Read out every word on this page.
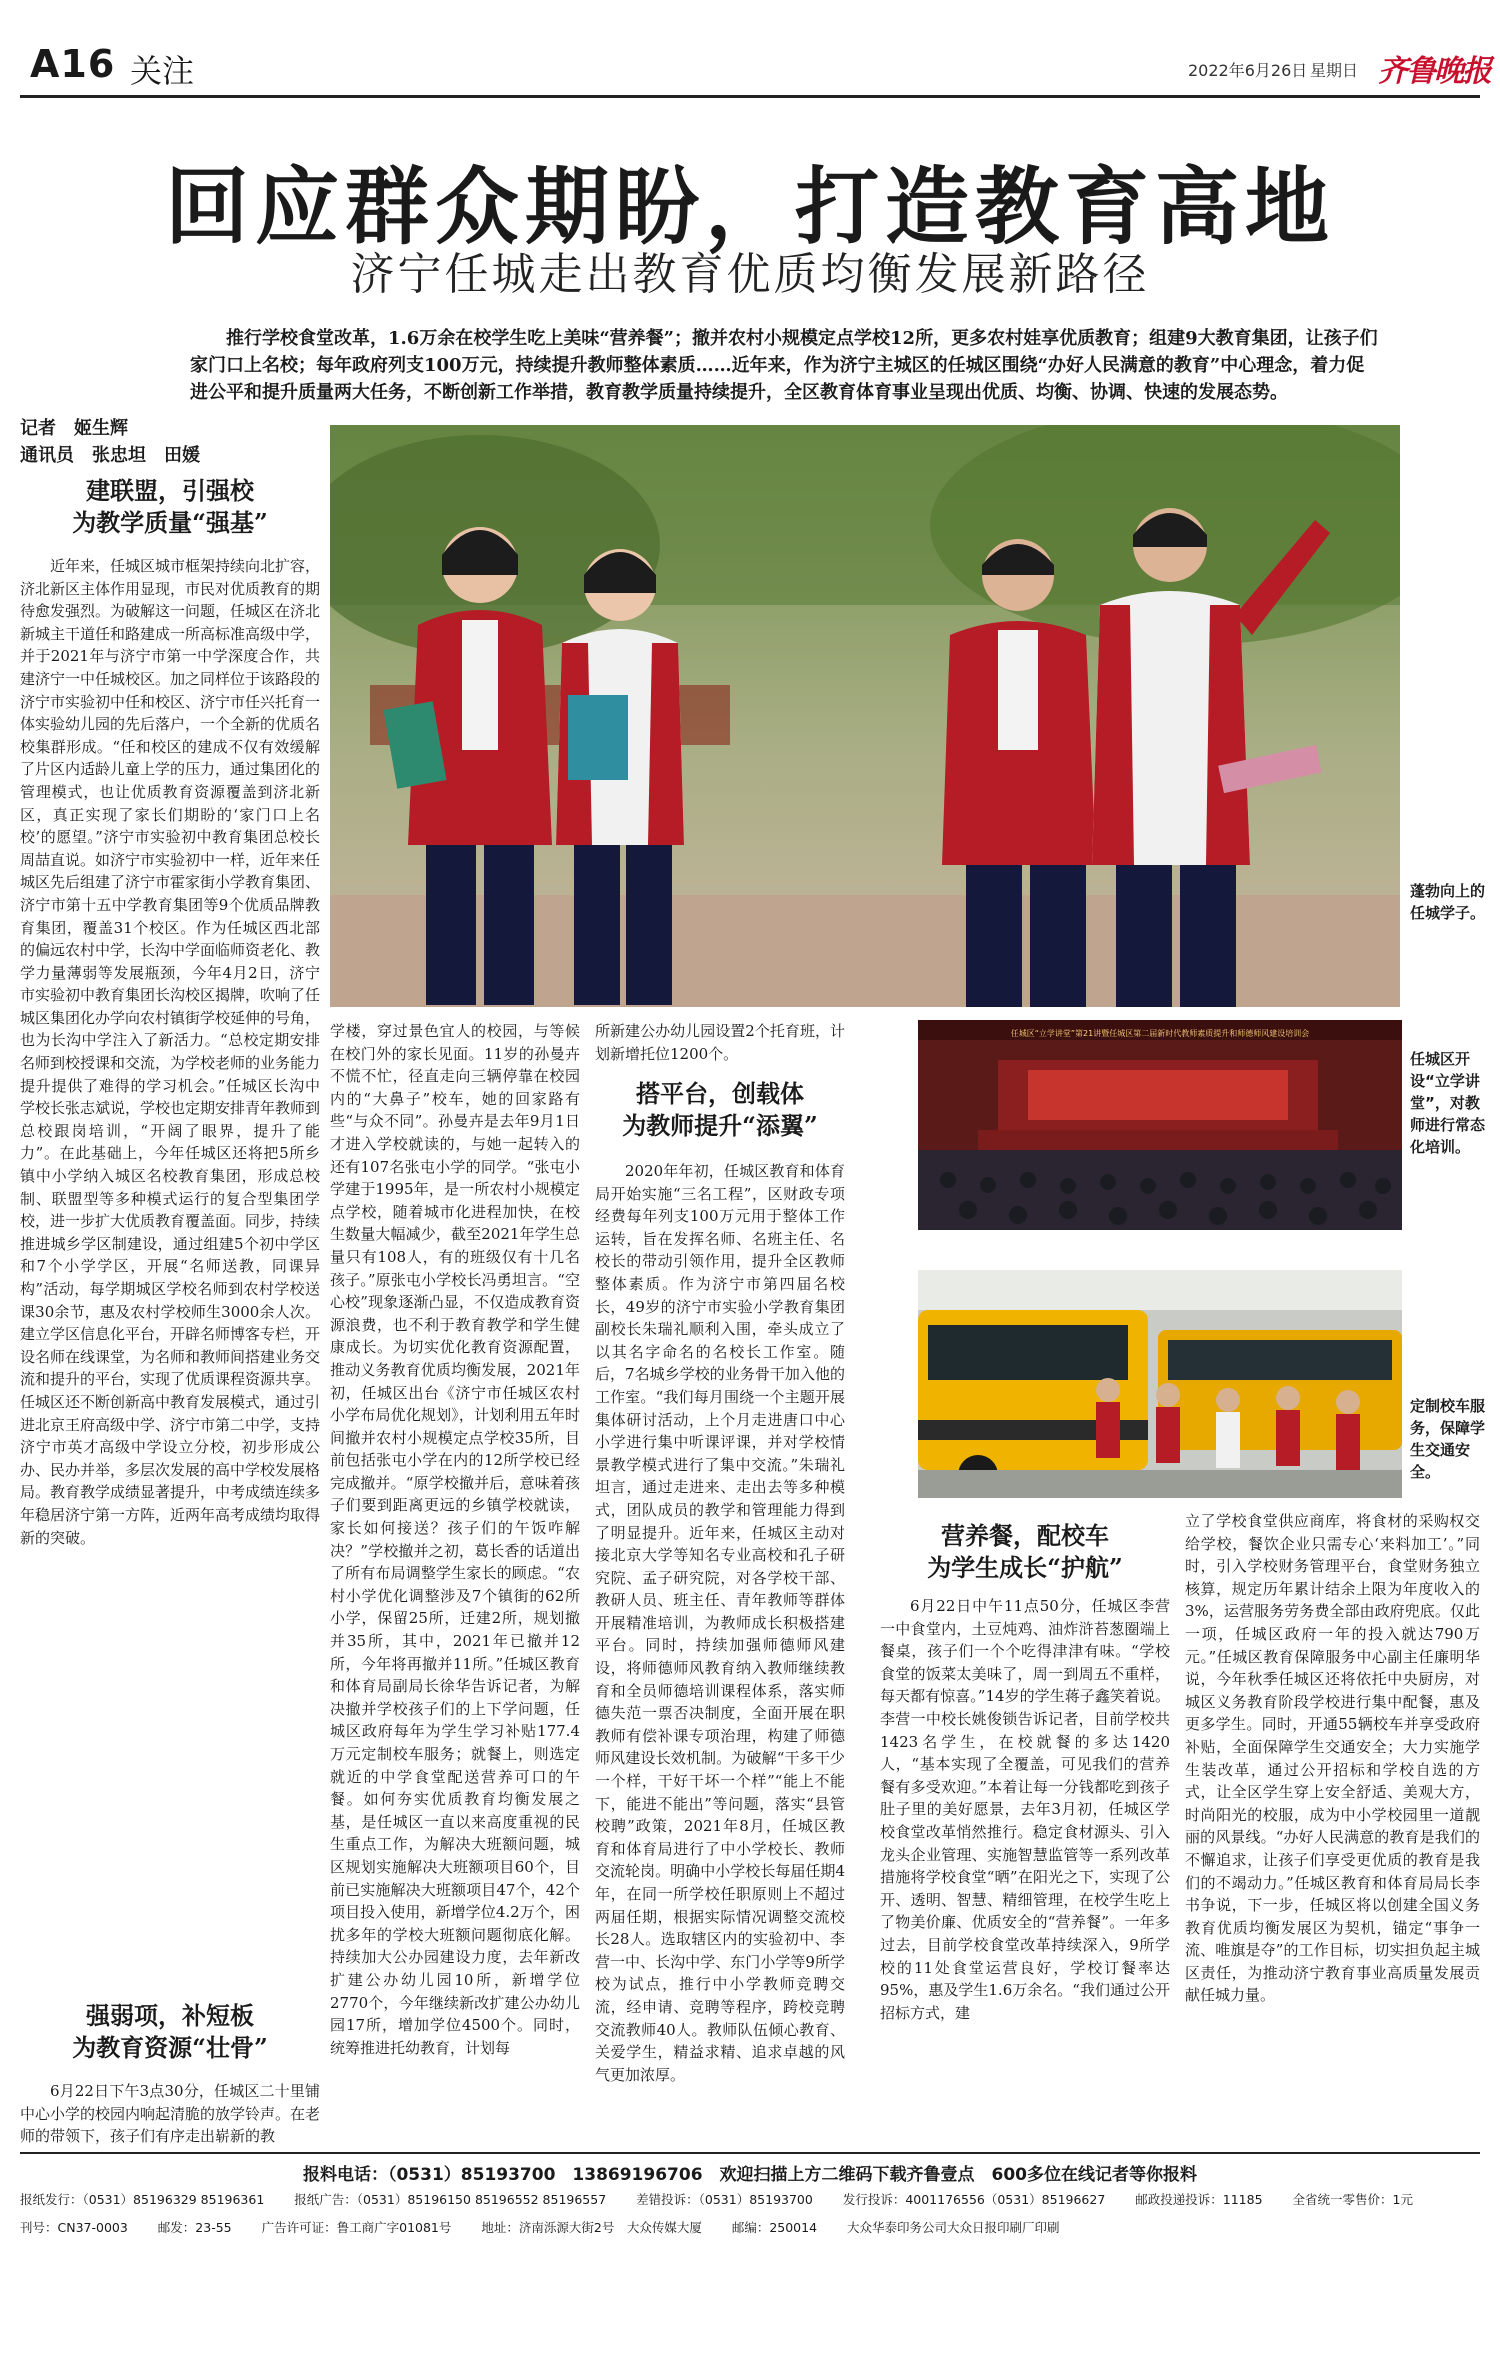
A16 关注	2022年6月26日 星期日 齐鲁晚报
回应群众期盼，打造教育高地
济宁任城走出教育优质均衡发展新路径
推行学校食堂改革，1.6万余在校学生吃上美味“营养餐”；撤并农村小规模定点学校12所，更多农村娃享优质教育；组建9大教育集团，让孩子们家门口上名校；每年政府列支100万元，持续提升教师整体素质……近年来，作为济宁主城区的任城区围绕“办好人民满意的教育”中心理念，着力促进公平和提升质量两大任务，不断创新工作举措，教育教学质量持续提升，全区教育体育事业呈现出优质、均衡、协调、快速的发展态势。
记者　姬生辉
通讯员　张忠坦　田媛
建联盟，引强校
为教学质量“强基”

近年来，任城区城市框架持续向北扩容，济北新区主体作用显现，市民对优质教育的期待愈发强烈。为破解这一问题，任城区在济北新城主干道任和路建成一所高标准高级中学，并于2021年与济宁市第一中学深度合作，共建济宁一中任城校区。加之同样位于该路段的济宁市实验初中任和校区、济宁市任兴托育一体实验幼儿园的先后落户，一个全新的优质名校集群形成。“任和校区的建成不仅有效缓解了片区内适龄儿童上学的压力，通过集团化的管理模式，也让优质教育资源覆盖到济北新区，真正实现了家长们期盼的‘家门口上名校’的愿望。”济宁市实验初中教育集团总校长周喆直说。如济宁市实验初中一样，近年来任城区先后组建了济宁市霍家街小学教育集团、济宁市第十五中学教育集团等9个优质品牌教育集团，覆盖31个校区。作为任城区西北部的偏远农村中学，长沟中学面临师资老化、教学力量薄弱等发展瓶颈，今年4月2日，济宁市实验初中教育集团长沟校区揭牌，吹响了任城区集团化办学向农村镇街学校延伸的号角，也为长沟中学注入了新活力。“总校定期安排名师到校授课和交流，为学校老师的业务能力提升提供了难得的学习机会。”任城区长沟中学校长张志斌说，学校也定期安排青年教师到总校跟岗培训，“开阔了眼界，提升了能力”。在此基础上，今年任城区还将把5所乡镇中小学纳入城区名校教育集团，形成总校制、联盟型等多种模式运行的复合型集团学校，进一步扩大优质教育覆盖面。同步，持续推进城乡学区制建设，通过组建5个初中学区和7个小学学区，开展“名师送教，同课异构”活动，每学期城区学校名师到农村学校送课30余节，惠及农村学校师生3000余人次。建立学区信息化平台，开辟名师博客专栏，开设名师在线课堂，为名师和教师间搭建业务交流和提升的平台，实现了优质课程资源共享。任城区还不断创新高中教育发展模式，通过引进北京王府高级中学、济宁市第二中学，支持济宁市英才高级中学设立分校，初步形成公办、民办并举，多层次发展的高中学校发展格局。教育教学成绩显著提升，中考成绩连续多年稳居济宁第一方阵，近两年高考成绩均取得新的突破。

强弱项，补短板
为教育资源“壮骨”

6月22日下午3点30分，任城区二十里铺中心小学的校园内响起清脆的放学铃声。在老师的带领下，孩子们有序走出崭新的教

蓬勃向上的任城学子。

学楼，穿过景色宜人的校园，与等候在校门外的家长见面。11岁的孙曼卉不慌不忙，径直走向三辆停靠在校园内的“大鼻子”校车，她的回家路有些“与众不同”。孙曼卉是去年9月1日才进入学校就读的，与她一起转入的还有107名张屯小学的同学。“张屯小学建于1995年，是一所农村小规模定点学校，随着城市化进程加快，在校生数量大幅减少，截至2021年学生总量只有108人，有的班级仅有十几名孩子。”原张屯小学校长冯勇坦言。“空心校”现象逐渐凸显，不仅造成教育资源浪费，也不利于教育教学和学生健康成长。为切实优化教育资源配置，推动义务教育优质均衡发展，2021年初，任城区出台《济宁市任城区农村小学布局优化规划》，计划利用五年时间撤并农村小规模定点学校35所，目前包括张屯小学在内的12所学校已经完成撤并。“原学校撤并后，意味着孩子们要到距离更远的乡镇学校就读，家长如何接送？孩子们的午饭咋解决？”学校撤并之初，葛长香的话道出了所有布局调整学生家长的顾虑。“农村小学优化调整涉及7个镇街的62所小学，保留25所，迁建2所，规划撤并35所，其中，2021年已撤并12所，今年将再撤并11所。”任城区教育和体育局副局长徐华告诉记者，为解决撤并学校孩子们的上下学问题，任城区政府每年为学生学习补贴177.4万元定制校车服务；就餐上，则选定就近的中学食堂配送营养可口的午餐。如何夯实优质教育均衡发展之基，是任城区一直以来高度重视的民生重点工作，为解决大班额问题，城区规划实施解决大班额项目60个，目前已实施解决大班额项目47个，42个项目投入使用，新增学位4.2万个，困扰多年的学校大班额问题彻底化解。持续加大公办园建设力度，去年新改扩建公办幼儿园10所，新增学位2770个，今年继续新改扩建公办幼儿园17所，增加学位4500个。同时，统筹推进托幼教育，计划每

所新建公办幼儿园设置2个托育班，计划新增托位1200个。

搭平台，创载体
为教师提升“添翼”

2020年年初，任城区教育和体育局开始实施“三名工程”，区财政专项经费每年列支100万元用于整体工作运转，旨在发挥名师、名班主任、名校长的带动引领作用，提升全区教师整体素质。作为济宁市第四届名校长，49岁的济宁市实验小学教育集团副校长朱瑞礼顺利入围，牵头成立了以其名字命名的名校长工作室。随后，7名城乡学校的业务骨干加入他的工作室。“我们每月围绕一个主题开展集体研讨活动，上个月走进唐口中心小学进行集中听课评课，并对学校情景教学模式进行了集中交流。”朱瑞礼坦言，通过走进来、走出去等多种模式，团队成员的教学和管理能力得到了明显提升。近年来，任城区主动对接北京大学等知名专业高校和孔子研究院、孟子研究院，对各学校干部、教研人员、班主任、青年教师等群体开展精准培训，为教师成长积极搭建平台。同时，持续加强师德师风建设，将师德师风教育纳入教师继续教育和全员师德培训课程体系，落实师德失范一票否决制度，全面开展在职教师有偿补课专项治理，构建了师德师风建设长效机制。为破解“干多干少一个样，干好干坏一个样”“能上不能下，能进不能出”等问题，落实“县管校聘”政策，2021年8月，任城区教育和体育局进行了中小学校长、教师交流轮岗。明确中小学校长每届任期4年，在同一所学校任职原则上不超过两届任期，根据实际情况调整交流校长28人。选取辖区内的实验初中、李营一中、长沟中学、东门小学等9所学校为试点，推行中小学教师竞聘交流，经申请、竞聘等程序，跨校竞聘交流教师40人。教师队伍倾心教育、关爱学生，精益求精、追求卓越的风气更加浓厚。

任城区“立学讲堂”第21讲暨任城区第二届新时代教师素质提升和师德师风建设培训会
任城区开设“立学讲堂”，对教师进行常态化培训。
定制校车服务，保障学生交通安全。
营养餐，配校车
为学生成长“护航”

6月22日中午11点50分，任城区李营一中食堂内，土豆炖鸡、油炸浒苔葱圈端上餐桌，孩子们一个个吃得津津有味。“学校食堂的饭菜太美味了，周一到周五不重样，每天都有惊喜。”14岁的学生蒋子鑫笑着说。李营一中校长姚俊锁告诉记者，目前学校共1423名学生，在校就餐的多达1420人，“基本实现了全覆盖，可见我们的营养餐有多受欢迎。”本着让每一分钱都吃到孩子肚子里的美好愿景，去年3月初，任城区学校食堂改革悄然推行。稳定食材源头、引入龙头企业管理、实施智慧监管等一系列改革措施将学校食堂“晒”在阳光之下，实现了公开、透明、智慧、精细管理，在校学生吃上了物美价廉、优质安全的“营养餐”。一年多过去，目前学校食堂改革持续深入，9所学校的11处食堂运营良好，学校订餐率达95%，惠及学生1.6万余名。“我们通过公开招标方式，建

立了学校食堂供应商库，将食材的采购权交给学校，餐饮企业只需专心‘来料加工’。”同时，引入学校财务管理平台，食堂财务独立核算，规定历年累计结余上限为年度收入的3%，运营服务劳务费全部由政府兜底。仅此一项，任城区政府一年的投入就达790万元。”任城区教育保障服务中心副主任廉明华说，今年秋季任城区还将依托中央厨房，对城区义务教育阶段学校进行集中配餐，惠及更多学生。同时，开通55辆校车并享受政府补贴，全面保障学生交通安全；大力实施学生装改革，通过公开招标和学校自选的方式，让全区学生穿上安全舒适、美观大方，时尚阳光的校服，成为中小学校园里一道靓丽的风景线。“办好人民满意的教育是我们的不懈追求，让孩子们享受更优质的教育是我们的不竭动力。”任城区教育和体育局局长李书争说，下一步，任城区将以创建全国义务教育优质均衡发展区为契机，锚定“事争一流、唯旗是夺”的工作目标，切实担负起主城区责任，为推动济宁教育事业高质量发展贡献任城力量。

报料电话：（0531）85193700　13869196706　欢迎扫描上方二维码下载齐鲁壹点　600多位在线记者等你报料
报纸发行：（0531）85196329 85196361 报纸广告：（0531）85196150 85196552 85196557 差错投诉：（0531）85193700 发行投诉：4001176556（0531）85196627 邮政投递投诉：11185 全省统一零售价：1元
刊号：CN37-0003 邮发：23-55 广告许可证：鲁工商广字01081号 地址：济南泺源大街2号　大众传媒大厦 邮编：250014 大众华泰印务公司大众日报印刷厂印刷
